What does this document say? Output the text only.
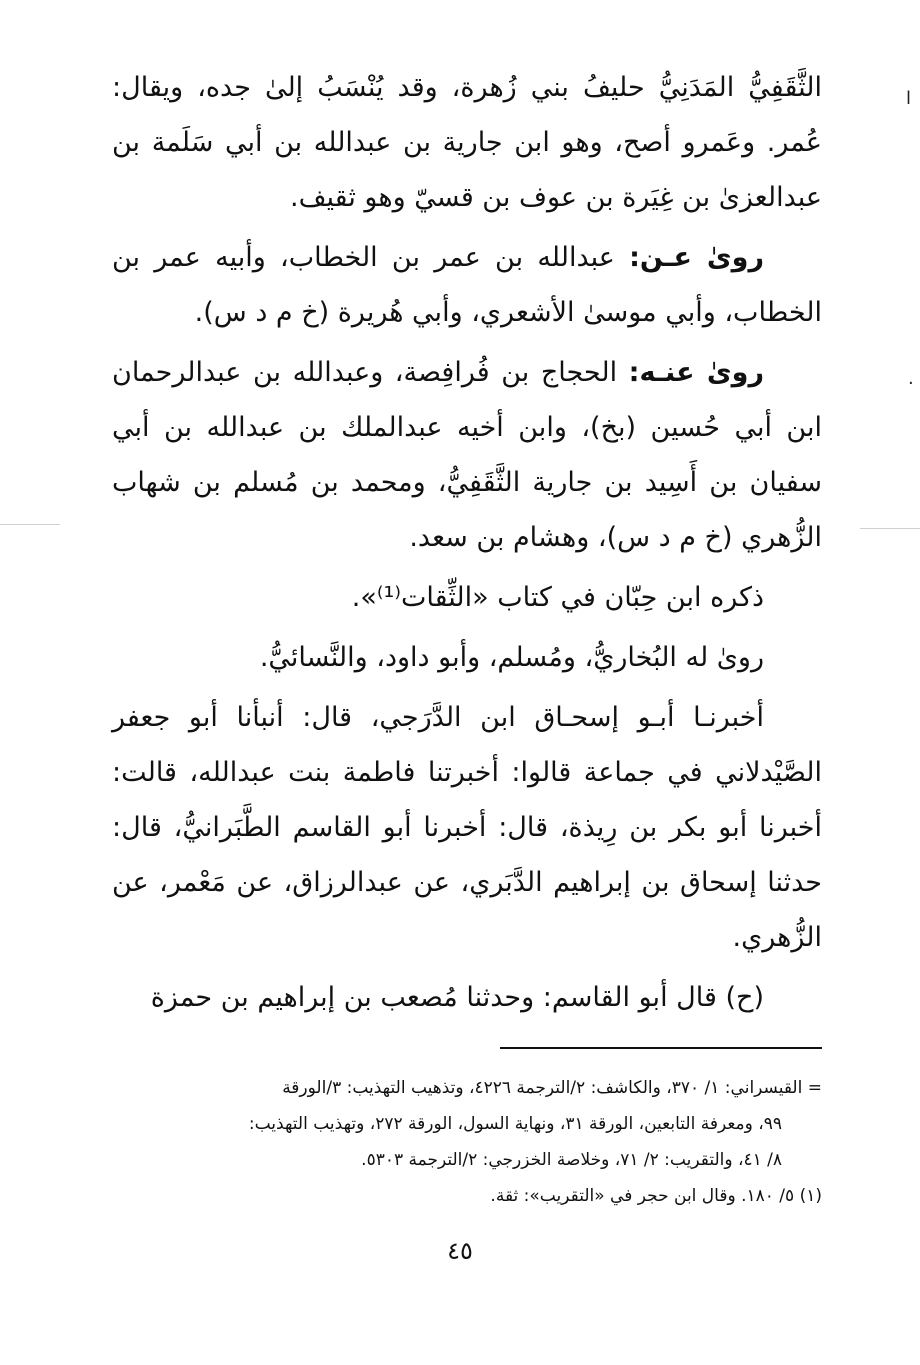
ا
.

الثَّقَفِيُّ المَدَنِيُّ حليفُ بني زُهرة، وقد يُنْسَبُ إلىٰ جده، ويقال: عُمر. وعَمرو أصح، وهو ابن جارية بن عبدالله بن أبي سَلَمة بن عبدالعزىٰ بن غِيَرة بن عوف بن قسيّ وهو ثقيف.

روىٰ عـن: عبدالله بن عمر بن الخطاب، وأبيه عمر بن الخطاب، وأبي موسىٰ الأشعري، وأبي هُريرة (خ م د س).

روىٰ عنـه: الحجاج بن فُرافِصة، وعبدالله بن عبدالرحمان ابن أبي حُسين (بخ)، وابن أخيه عبدالملك بن عبدالله بن أبي سفيان بن أَسِيد بن جارية الثَّقَفِيُّ، ومحمد بن مُسلم بن شهاب الزُّهري (خ م د س)، وهشام بن سعد.

ذكره ابن حِبّان في كتاب «الثِّقات⁽¹⁾».

روىٰ له البُخاريُّ، ومُسلم، وأبو داود، والنَّسائيُّ.

أخبرنـا أبـو إسحـاق ابن الدَّرَجي، قال: أنبأنا أبو جعفر الصَّيْدلاني في جماعة قالوا: أخبرتنا فاطمة بنت عبدالله، قالت: أخبرنا أبو بكر بن رِيذة، قال: أخبرنا أبو القاسم الطَّبَرانيُّ، قال: حدثنا إسحاق بن إبراهيم الدَّبَري، عن عبدالرزاق، عن مَعْمر، عن الزُّهري.

(ح) قال أبو القاسم: وحدثنا مُصعب بن إبراهيم بن حمزة

= القيسراني: ١/ ٣٧٠، والكاشف: ٢/الترجمة ٤٢٢٦، وتذهيب التهذيب: ٣/الورقة

٩٩، ومعرفة التابعين، الورقة ٣١، ونهاية السول، الورقة ٢٧٢، وتهذيب التهذيب:

٨/ ٤١، والتقريب: ٢/ ٧١، وخلاصة الخزرجي: ٢/الترجمة ٥٣٠٣.

(١) ٥/ ١٨٠. وقال ابن حجر في «التقريب»: ثقة.

٤٥
